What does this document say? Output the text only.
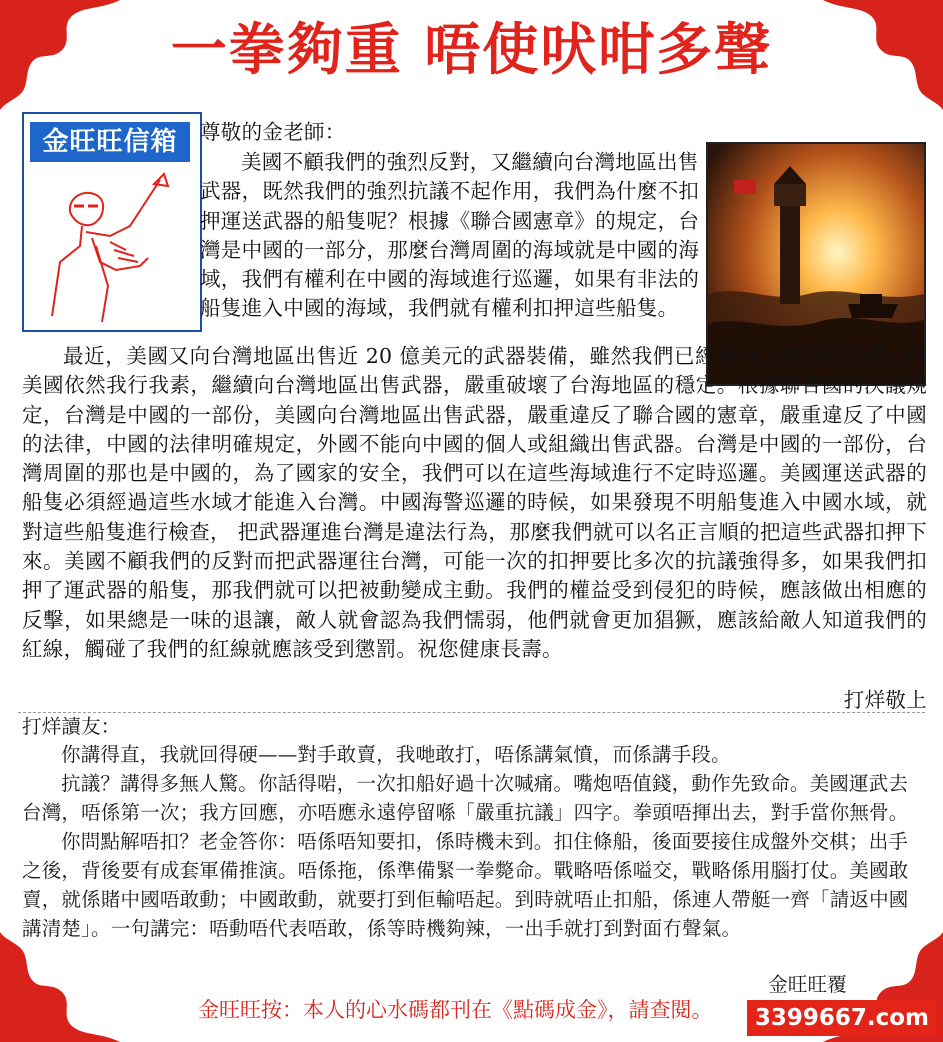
一拳夠重 唔使吠咁多聲
金旺旺信箱	尊敬的金老師：

美國不顧我們的強烈反對，又繼續向台灣地區出售武器，既然我們的強烈抗議不起作用，我們為什麼不扣押運送武器的船隻呢？根據《聯合國憲章》的規定，台灣是中國的一部分，那麼台灣周圍的海域就是中國的海域，我們有權利在中國的海域進行巡邏，如果有非法的船隻進入中國的海域，我們就有權利扣押這些船隻。

最近，美國又向台灣地區出售近 20 億美元的武器裝備，雖然我們已經進行了強烈的抗議，但美國依然我行我素，繼續向台灣地區出售武器，嚴重破壞了台海地區的穩定。根據聯合國的決議規定，台灣是中國的一部份，美國向台灣地區出售武器，嚴重違反了聯合國的憲章，嚴重違反了中國的法律，中國的法律明確規定，外國不能向中國的個人或組織出售武器。台灣是中國的一部份，台灣周圍的那也是中國的，為了國家的安全，我們可以在這些海域進行不定時巡邏。美國運送武器的船隻必須經過這些水域才能進入台灣。中國海警巡邏的時候，如果發現不明船隻進入中國水域，就對這些船隻進行檢查， 把武器運進台灣是違法行為，那麼我們就可以名正言順的把這些武器扣押下來。美國不顧我們的反對而把武器運往台灣，可能一次的扣押要比多次的抗議強得多，如果我們扣押了運武器的船隻，那我們就可以把被動變成主動。我們的權益受到侵犯的時候，應該做出相應的反擊，如果總是一味的退讓，敵人就會認為我們懦弱，他們就會更加猖獗，應該給敵人知道我們的紅線，觸碰了我們的紅線就應該受到懲罰。祝您健康長壽。

打烊敬上
打烊讀友：

你講得直，我就回得硬——對手敢賣，我哋敢打，唔係講氣憤，而係講手段。

抗議？講得多無人驚。你話得啱，一次扣船好過十次喊痛。嘴炮唔值錢，動作先致命。美國運武去台灣，唔係第一次；我方回應，亦唔應永遠停留喺「嚴重抗議」四字。拳頭唔揮出去，對手當你無骨。

你問點解唔扣？老金答你：唔係唔知要扣，係時機未到。扣住條船，後面要接住成盤外交棋；出手之後，背後要有成套軍備推演。唔係拖，係準備緊一拳斃命。戰略唔係嗌交，戰略係用腦打仗。美國敢賣，就係賭中國唔敢動；中國敢動，就要打到佢輸唔起。到時就唔止扣船，係連人帶艇一齊「請返中國講清楚」。一句講完：唔動唔代表唔敢，係等時機夠辣，一出手就打到對面冇聲氣。

金旺旺覆
金旺旺按：本人的心水碼都刊在《點碼成金》，請查閱。	3399667.com
